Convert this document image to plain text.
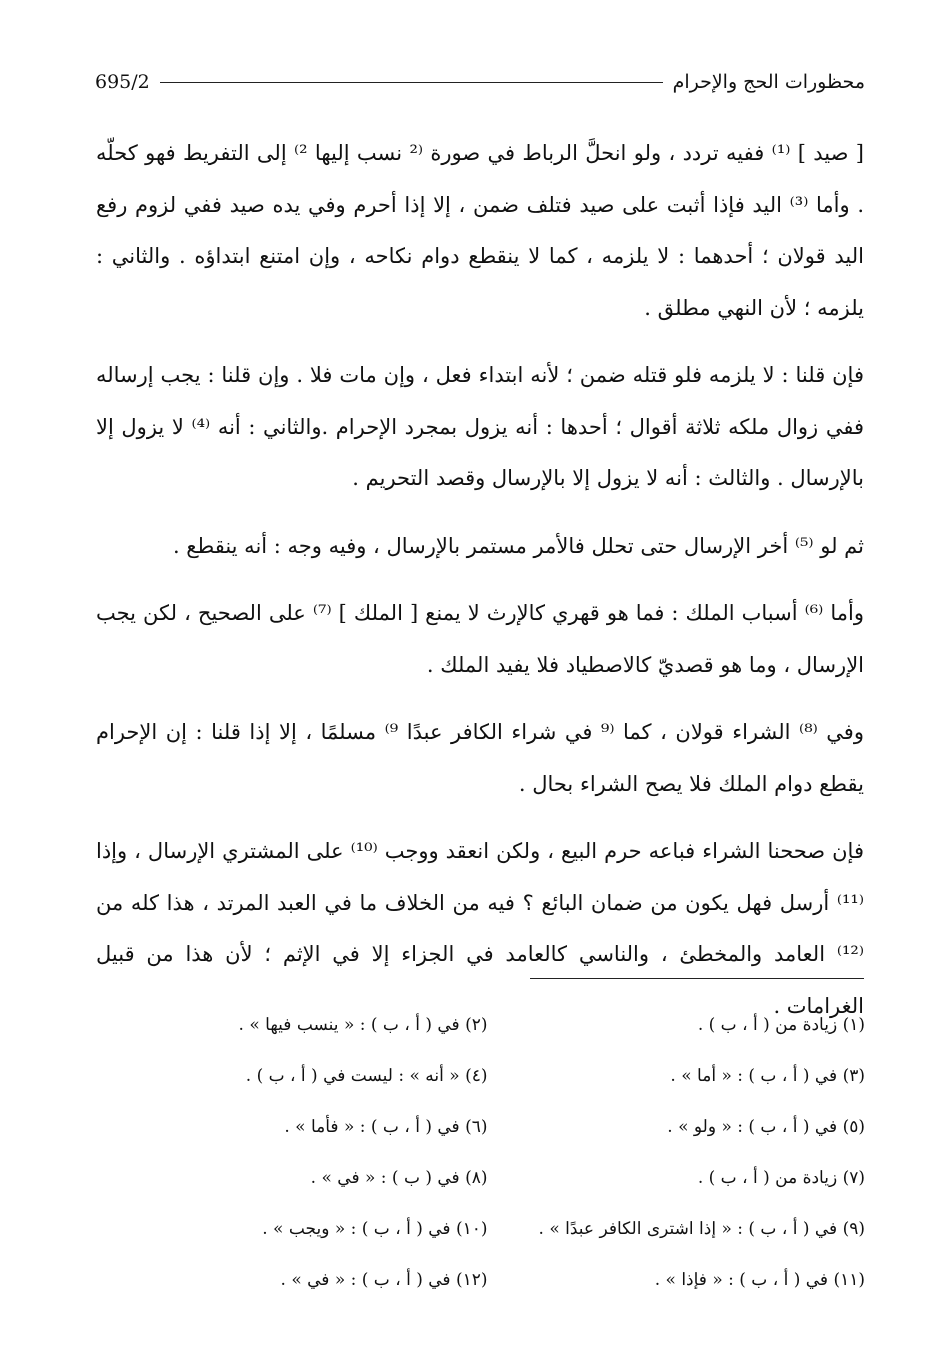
محظورات الحج والإحرام
695/2

[ صيد ] ⁽¹⁾ ففيه تردد ، ولو انحلَّ الرباط في صورة ⁽² نسب إليها ²⁾ إلى التفريط فهو كحلّه . وأما ⁽³⁾ اليد فإذا أثبت على صيد فتلف ضمن ، إلا إذا أحرم وفي يده صيد ففي لزوم رفع اليد قولان ؛ أحدهما : لا يلزمه ، كما لا ينقطع دوام نكاحه ، وإن امتنع ابتداؤه . والثاني : يلزمه ؛ لأن النهي مطلق .

فإن قلنا : لا يلزمه فلو قتله ضمن ؛ لأنه ابتداء فعل ، وإن مات فلا . وإن قلنا : يجب إرساله ففي زوال ملكه ثلاثة أقوال ؛ أحدها : أنه يزول بمجرد الإحرام .والثاني : أنه ⁽⁴⁾ لا يزول إلا بالإرسال . والثالث : أنه لا يزول إلا بالإرسال وقصد التحريم .

ثم لو ⁽⁵⁾ أخر الإرسال حتى تحلل فالأمر مستمر بالإرسال ، وفيه وجه : أنه ينقطع .

وأما ⁽⁶⁾ أسباب الملك : فما هو قهري كالإرث لا يمنع [ الملك ] ⁽⁷⁾ على الصحيح ، لكن يجب الإرسال ، وما هو قصديّ كالاصطياد فلا يفيد الملك .

وفي ⁽⁸⁾ الشراء قولان ، كما ⁽⁹ في شراء الكافر عبدًا ⁹⁾ مسلمًا ، إلا إذا قلنا : إن الإحرام يقطع دوام الملك فلا يصح الشراء بحال .

فإن صححنا الشراء فباعه حرم البيع ، ولكن انعقد ووجب ⁽¹⁰⁾ على المشتري الإرسال ، وإذا ⁽¹¹⁾ أرسل فهل يكون من ضمان البائع ؟ فيه من الخلاف ما في العبد المرتد ، هذا كله من ⁽¹²⁾ العامد والمخطئ ، والناسي كالعامد في الجزاء إلا في الإثم ؛ لأن هذا من قبيل الغرامات .

(١) زيادة من ( أ ، ب ) .
(٢) في ( أ ، ب ) : « ينسب فيها » .
(٣) في ( أ ، ب ) : « أما » .
(٤) « أنه » : ليست في ( أ ، ب ) .
(٥) في ( أ ، ب ) : « ولو » .
(٦) في ( أ ، ب ) : « فأما » .
(٧) زيادة من ( أ ، ب ) .
(٨) في ( ب ) : « في » .
(٩) في ( أ ، ب ) : « إذا اشترى الكافر عبدًا » .
(١٠) في ( أ ، ب ) : « ويجب » .
(١١) في ( أ ، ب ) : « فإذا » .
(١٢) في ( أ ، ب ) : « في » .
